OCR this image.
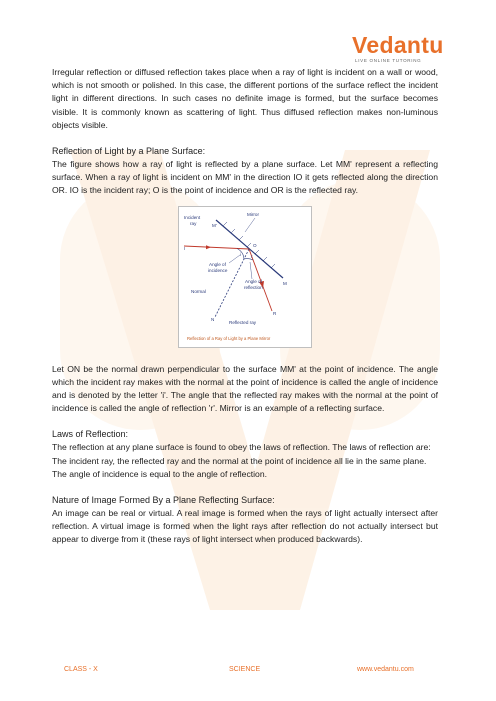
Vedantu
LIVE ONLINE TUTORING

Irregular reflection or diffused reflection takes place when a ray of light is incident on a wall or wood, which is not smooth or polished. In this case, the different portions of the surface reflect the incident light in different directions. In such cases no definite image is formed, but the surface becomes visible. It is commonly known as scattering of light. Thus diffused reflection makes non-luminous objects visible.

Reflection of Light by a Plane Surface:

The figure shows how a ray of light is reflected by a plane surface. Let MM' represent a reflecting surface. When a ray of light is incident on MM' in the direction IO it gets reflected along the direction OR. IO is the incident ray; O is the point of incidence and OR is the reflected ray.

Incident
ray
Mirror
M'
M
O
i r
I
R
N
Angle of
incidence
Angle of
reflection
Normal
Reflected ray
Reflection of a Ray of Light by a Plane Mirror

Let ON be the normal drawn perpendicular to the surface MM' at the point of incidence. The angle which the incident ray makes with the normal at the point of incidence is called the angle of incidence and is denoted by the letter 'i'. The angle that the reflected ray makes with the normal at the point of incidence is called the angle of reflection 'r'. Mirror is an example of a reflecting surface.

Laws of Reflection:

The reflection at any plane surface is found to obey the laws of reflection. The laws of reflection are:

The incident ray, the reflected ray and the normal at the point of incidence all lie in the same plane.

The angle of incidence is equal to the angle of reflection.

Nature of Image Formed By a Plane Reflecting Surface:

An image can be real or virtual. A real image is formed when the rays of light actually intersect after reflection. A virtual image is formed when the light rays after reflection do not actually intersect but appear to diverge from it (these rays of light intersect when produced backwards).

CLASS - X	SCIENCE	www.vedantu.com
